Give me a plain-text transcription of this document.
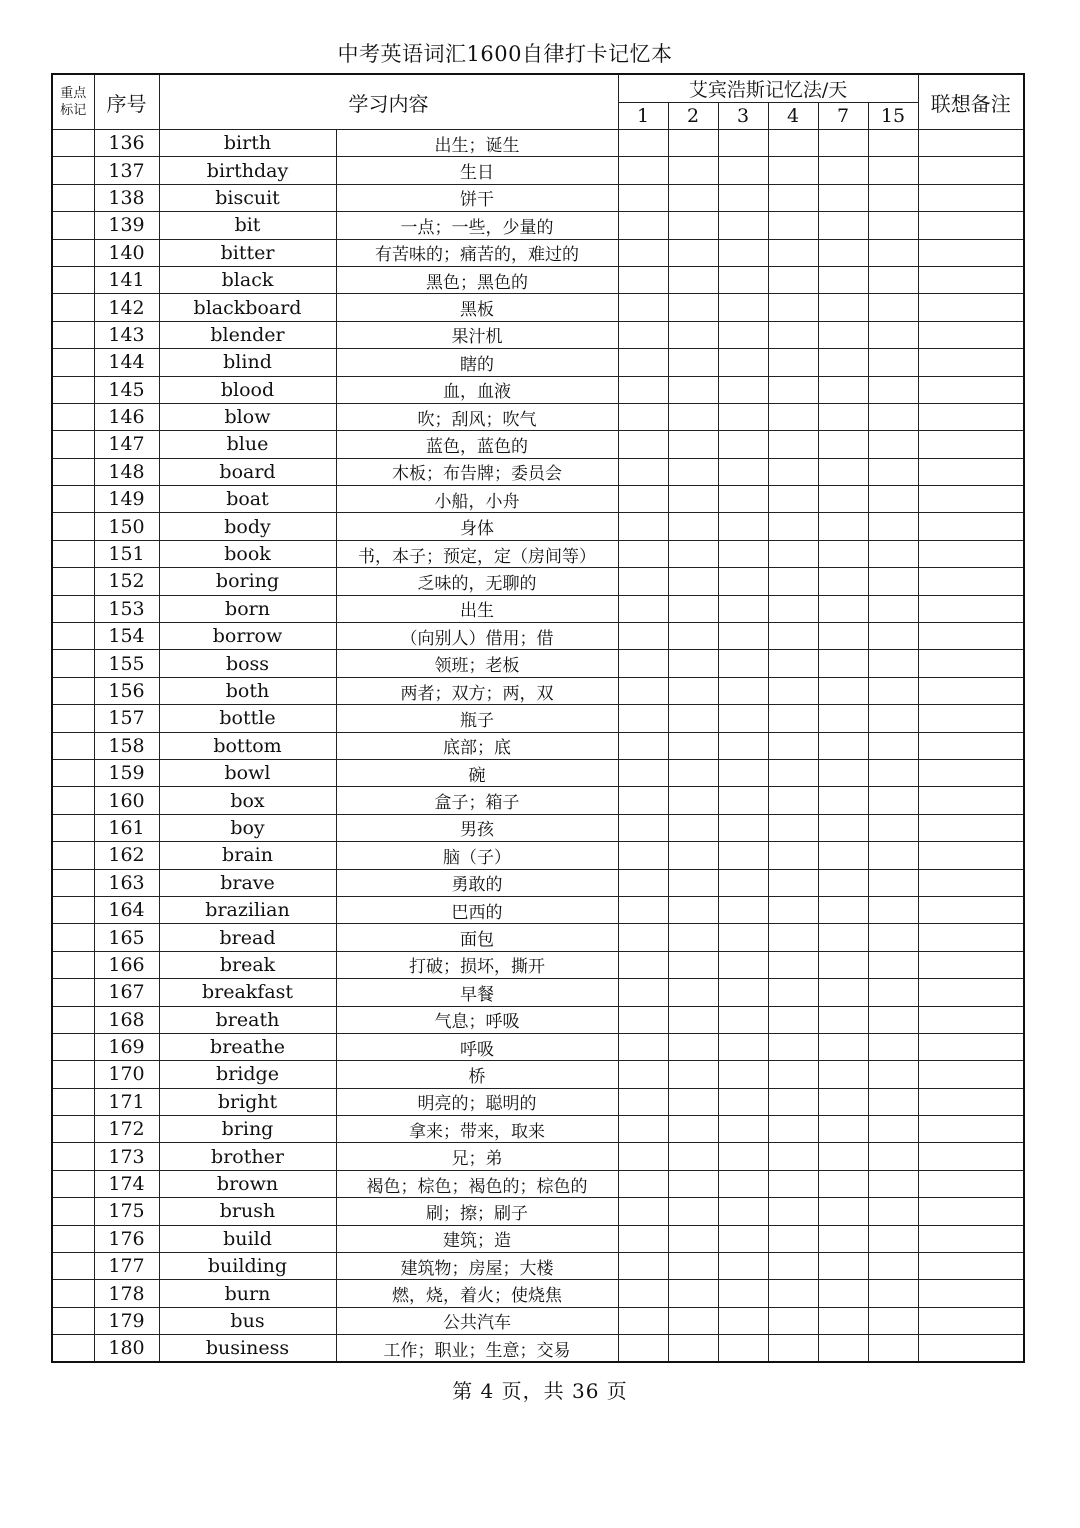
中考英语词汇1600自律打卡记忆本
重点
标记	序号	学习内容		艾宾浩斯记忆法/天						联想备注
				1	2	3	4	7	15	
	136	birth	出生；诞生							
	137	birthday	生日							
	138	biscuit	饼干							
	139	bit	一点；一些，少量的							
	140	bitter	有苦味的；痛苦的，难过的							
	141	black	黑色；黑色的							
	142	blackboard	黑板							
	143	blender	果汁机							
	144	blind	瞎的							
	145	blood	血，血液							
	146	blow	吹；刮风；吹气							
	147	blue	蓝色，蓝色的							
	148	board	木板；布告牌；委员会							
	149	boat	小船，小舟							
	150	body	身体							
	151	book	书，本子；预定，定（房间等）							
	152	boring	乏味的，无聊的							
	153	born	出生							
	154	borrow	（向别人）借用；借							
	155	boss	领班；老板							
	156	both	两者；双方；两，双							
	157	bottle	瓶子							
	158	bottom	底部；底							
	159	bowl	碗							
	160	box	盒子；箱子							
	161	boy	男孩							
	162	brain	脑（子）							
	163	brave	勇敢的							
	164	brazilian	巴西的							
	165	bread	面包							
	166	break	打破；损坏，撕开							
	167	breakfast	早餐							
	168	breath	气息；呼吸							
	169	breathe	呼吸							
	170	bridge	桥							
	171	bright	明亮的；聪明的							
	172	bring	拿来；带来，取来							
	173	brother	兄；弟							
	174	brown	褐色；棕色；褐色的；棕色的							
	175	brush	刷；擦；刷子							
	176	build	建筑；造							
	177	building	建筑物；房屋；大楼							
	178	burn	燃，烧，着火；使烧焦							
	179	bus	公共汽车							
	180	business	工作；职业；生意；交易							
第 4 页，共 36 页
